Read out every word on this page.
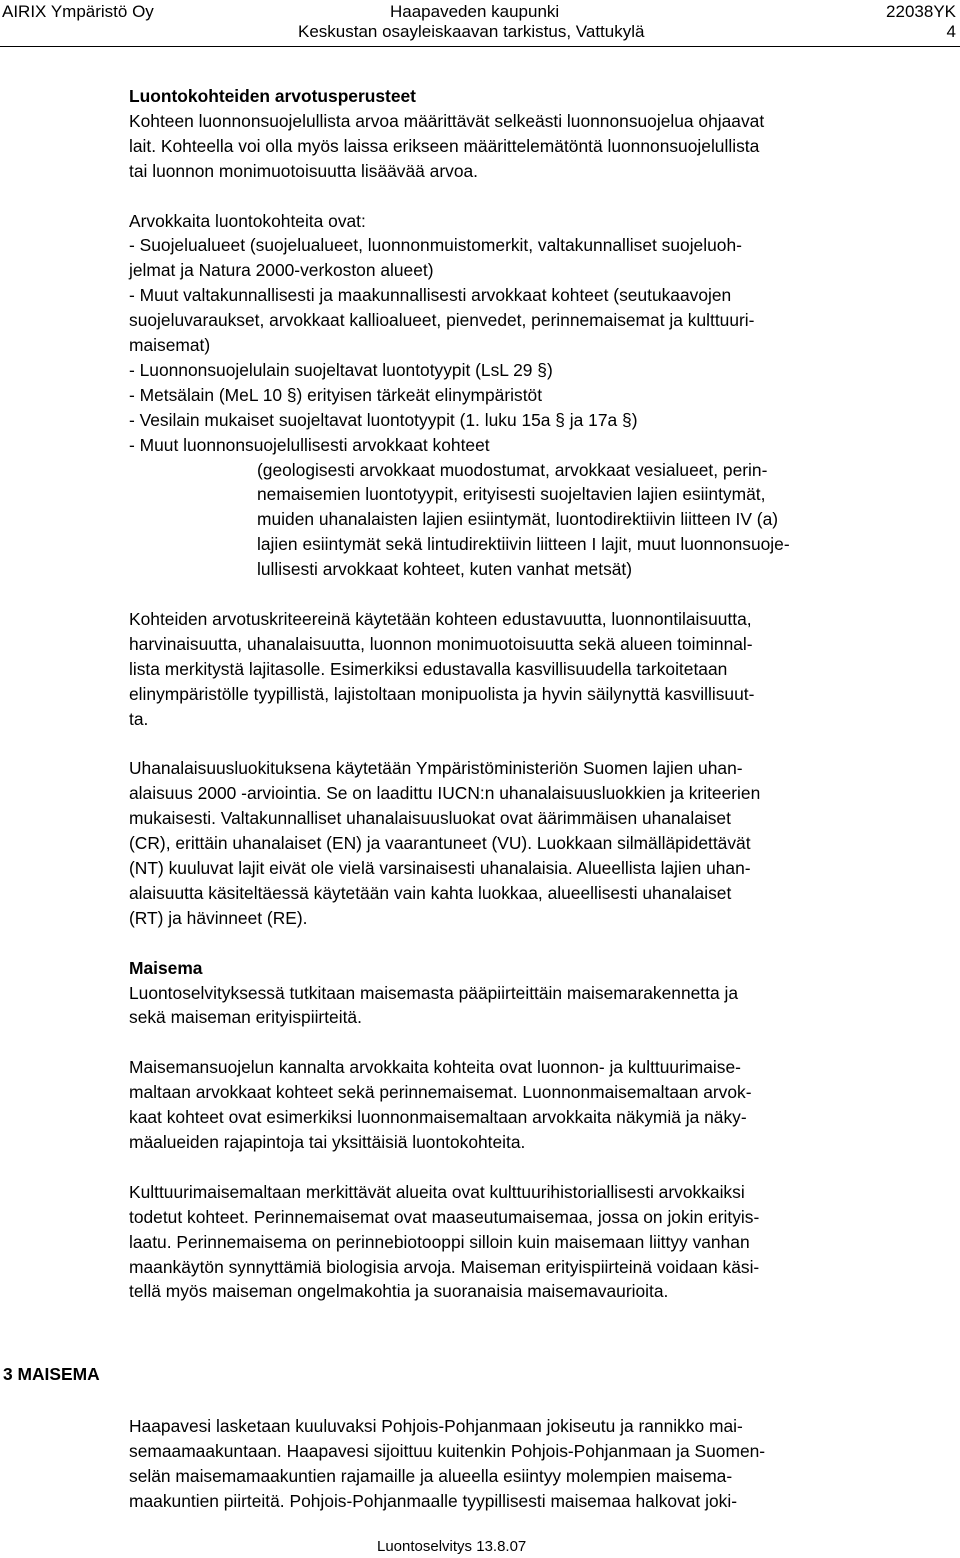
AIRIX Ympäristö Oy	Haapaveden kaupunki	22038YK
Keskustan osayleiskaavan tarkistus, Vattukylä	4

Luontokohteiden arvotusperusteet

Kohteen luonnonsuojelullista arvoa määrittävät selkeästi luonnonsuojelua ohjaavat

lait. Kohteella voi olla myös laissa erikseen määrittelemätöntä luonnonsuojelullista

tai luonnon monimuotoisuutta lisäävää arvoa.

Arvokkaita luontokohteita ovat:

- Suojelualueet (suojelualueet, luonnonmuistomerkit, valtakunnalliset suojeluoh-

jelmat ja Natura 2000-verkoston alueet)

- Muut valtakunnallisesti ja maakunnallisesti arvokkaat kohteet (seutukaavojen

suojeluvaraukset, arvokkaat kallioalueet, pienvedet, perinnemaisemat ja kulttuuri-

maisemat)

- Luonnonsuojelulain suojeltavat luontotyypit (LsL 29 §)

- Metsälain (MeL 10 §) erityisen tärkeät elinympäristöt

- Vesilain mukaiset suojeltavat luontotyypit (1. luku 15a § ja 17a §)

- Muut luonnonsuojelullisesti arvokkaat kohteet

(geologisesti arvokkaat muodostumat, arvokkaat vesialueet, perin-

nemaisemien luontotyypit, erityisesti suojeltavien lajien esiintymät,

muiden uhanalaisten lajien esiintymät, luontodirektiivin liitteen IV (a)

lajien esiintymät sekä lintudirektiivin liitteen I lajit, muut luonnonsuoje-

lullisesti arvokkaat kohteet, kuten vanhat metsät)

Kohteiden arvotuskriteereinä käytetään kohteen edustavuutta, luonnontilaisuutta,

harvinaisuutta, uhanalaisuutta, luonnon monimuotoisuutta sekä alueen toiminnal-

lista merkitystä lajitasolle. Esimerkiksi edustavalla kasvillisuudella tarkoitetaan

elinympäristölle tyypillistä, lajistoltaan monipuolista ja hyvin säilynyttä kasvillisuut-

ta.

Uhanalaisuusluokituksena käytetään Ympäristöministeriön Suomen lajien uhan-

alaisuus 2000 -arviointia. Se on laadittu IUCN:n uhanalaisuusluokkien ja kriteerien

mukaisesti. Valtakunnalliset uhanalaisuusluokat ovat äärimmäisen uhanalaiset

(CR), erittäin uhanalaiset (EN) ja vaarantuneet (VU). Luokkaan silmälläpidettävät

(NT) kuuluvat lajit eivät ole vielä varsinaisesti uhanalaisia. Alueellista lajien uhan-

alaisuutta käsiteltäessä käytetään vain kahta luokkaa, alueellisesti uhanalaiset

(RT) ja hävinneet (RE).

Maisema

Luontoselvityksessä tutkitaan maisemasta pääpiirteittäin maisemarakennetta ja

sekä maiseman erityispiirteitä.

Maisemansuojelun kannalta arvokkaita kohteita ovat luonnon- ja kulttuurimaise-

maltaan arvokkaat kohteet sekä perinnemaisemat. Luonnonmaisemaltaan arvok-

kaat kohteet ovat esimerkiksi luonnonmaisemaltaan arvokkaita näkymiä ja näky-

mäalueiden rajapintoja tai yksittäisiä luontokohteita.

Kulttuurimaisemaltaan merkittävät alueita ovat kulttuurihistoriallisesti arvokkaiksi

todetut kohteet. Perinnemaisemat ovat maaseutumaisemaa, jossa on jokin erityis-

laatu. Perinnemaisema on perinnebiotooppi silloin kuin maisemaan liittyy vanhan

maankäytön synnyttämiä biologisia arvoja. Maiseman erityispiirteinä voidaan käsi-

tellä myös maiseman ongelmakohtia ja suoranaisia maisemavaurioita.

3 MAISEMA

Haapavesi lasketaan kuuluvaksi Pohjois-Pohjanmaan jokiseutu ja rannikko mai-

semaamaakuntaan. Haapavesi sijoittuu kuitenkin Pohjois-Pohjanmaan ja Suomen-

selän maisemamaakuntien rajamaille ja alueella esiintyy molempien maisema-

maakuntien piirteitä. Pohjois-Pohjanmaalle tyypillisesti maisemaa halkovat joki-

Luontoselvitys 13.8.07
